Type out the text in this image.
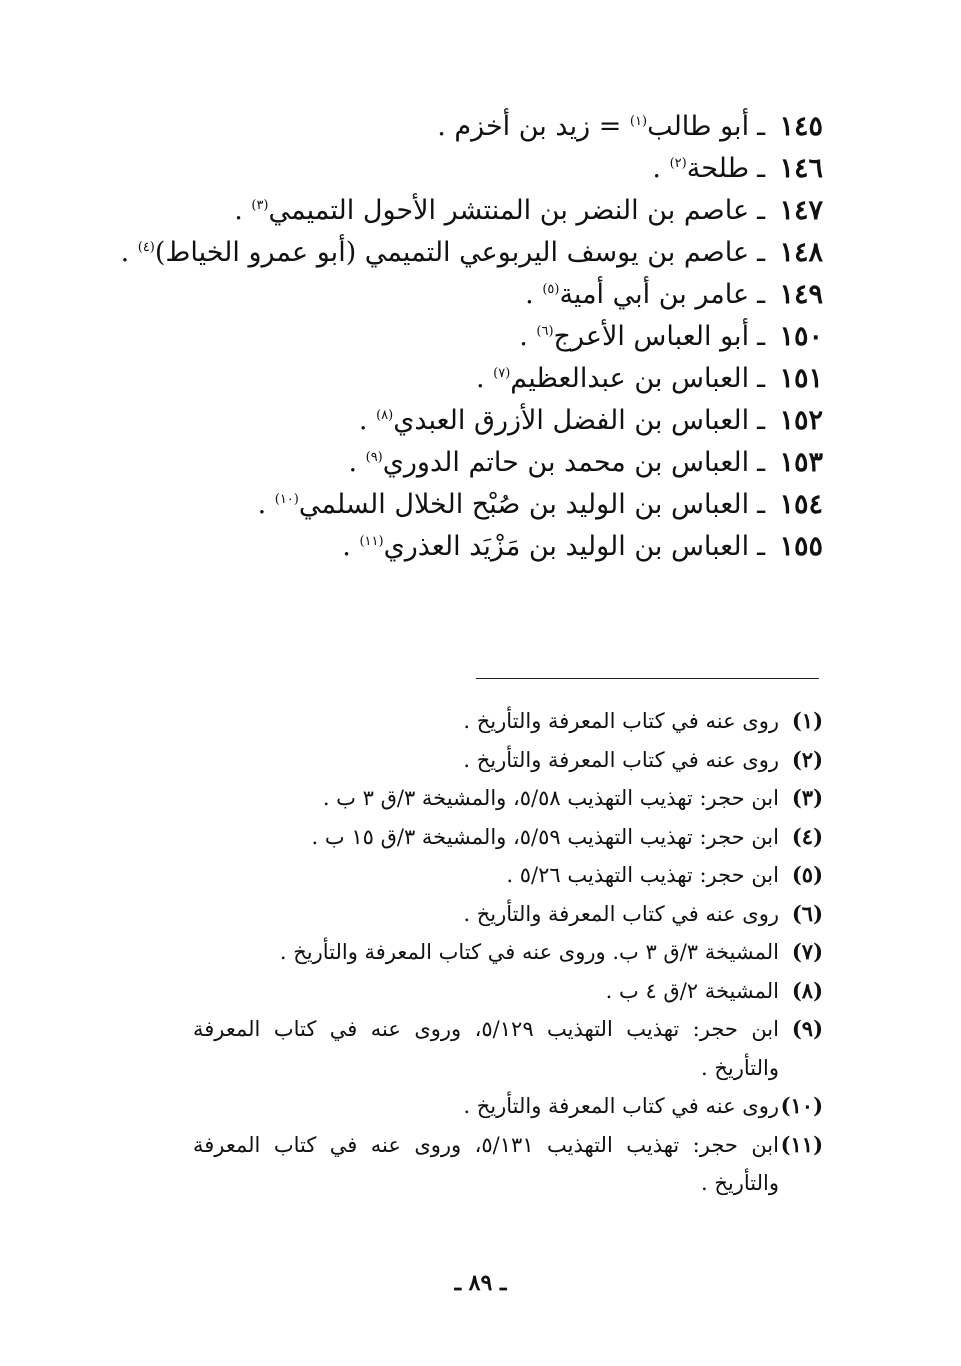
١٤٥ـأبو طالب$^{(١)}$ = زيد بن أخزم .
١٤٦ـطلحة$^{(٢)}$ .
١٤٧ـعاصم بن النضر بن المنتشر الأحول التميمي$^{(٣)}$ .
١٤٨ـعاصم بن يوسف اليربوعي التميمي (أبو عمرو الخياط)$^{(٤)}$ .
١٤٩ـعامر بن أبي أمية$^{(٥)}$ .
١٥٠ـأبو العباس الأعرج$^{(٦)}$ .
١٥١ـالعباس بن عبدالعظيم$^{(٧)}$ .
١٥٢ـالعباس بن الفضل الأزرق العبدي$^{(٨)}$ .
١٥٣ـالعباس بن محمد بن حاتم الدوري$^{(٩)}$ .
١٥٤ـالعباس بن الوليد بن صُبْح الخلال السلمي$^{(١٠)}$ .
١٥٥ـالعباس بن الوليد بن مَزْيَد العذري$^{(١١)}$ .
(١)
روى عنه في كتاب المعرفة والتأريخ .
(٢)
روى عنه في كتاب المعرفة والتأريخ .
(٣)
ابن حجر: تهذيب التهذيب ٥/٥٨، والمشيخة ٣/ق ٣ ب .
(٤)
ابن حجر: تهذيب التهذيب ٥/٥٩، والمشيخة ٣/ق ١٥ ب .
(٥)
ابن حجر: تهذيب التهذيب ٥/٢٦ .
(٦)
روى عنه في كتاب المعرفة والتأريخ .
(٧)
المشيخة ٣/ق ٣ ب. وروى عنه في كتاب المعرفة والتأريخ .
(٨)
المشيخة ٢/ق ٤ ب .
(٩)
ابن حجر: تهذيب التهذيب ٥/١٢٩، وروى عنه في كتاب المعرفة والتأريخ .
(١٠)
روى عنه في كتاب المعرفة والتأريخ .
(١١)
ابن حجر: تهذيب التهذيب ٥/١٣١، وروى عنه في كتاب المعرفة والتأريخ .
ـ ٨٩ ـ
